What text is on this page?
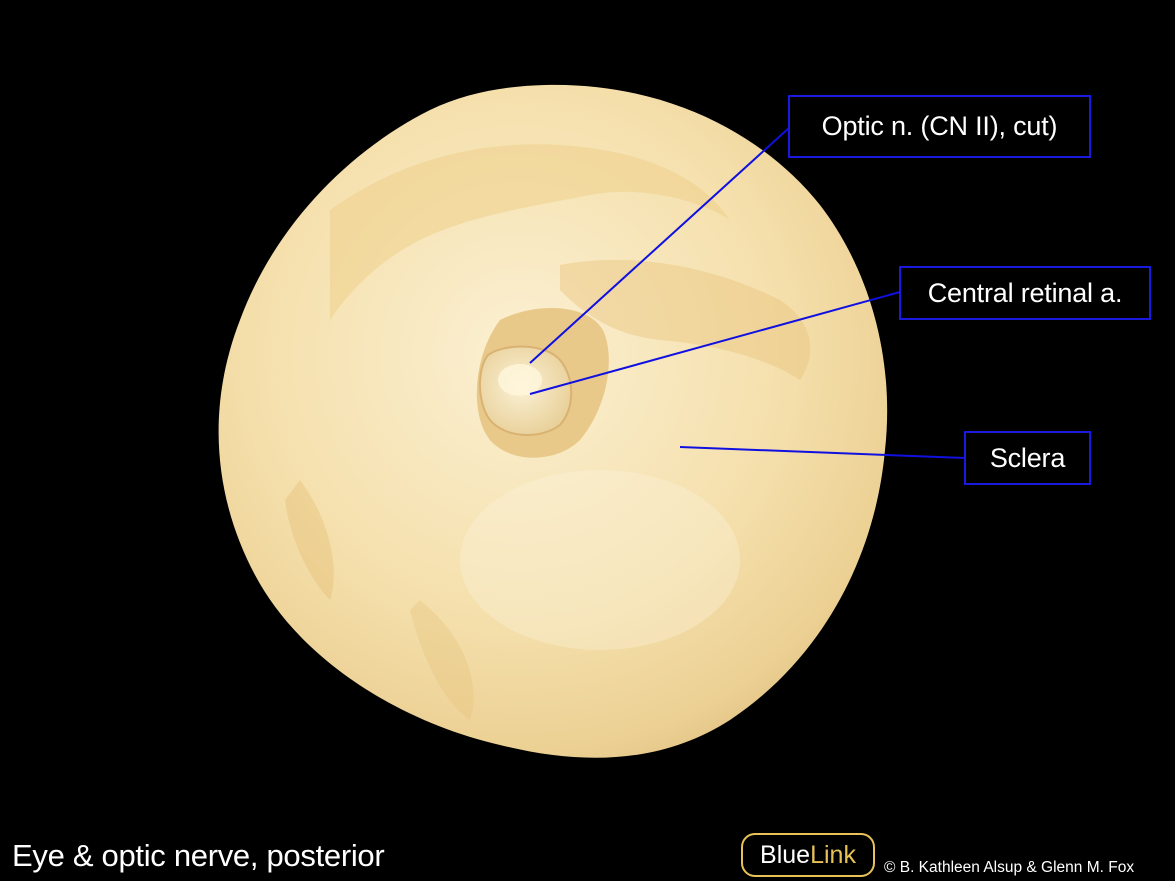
Optic n. (CN II), cut)
Central retinal a.
Sclera
Eye & optic nerve, posterior	Blue Link © B. Kathleen Alsup & Glenn M. Fox
